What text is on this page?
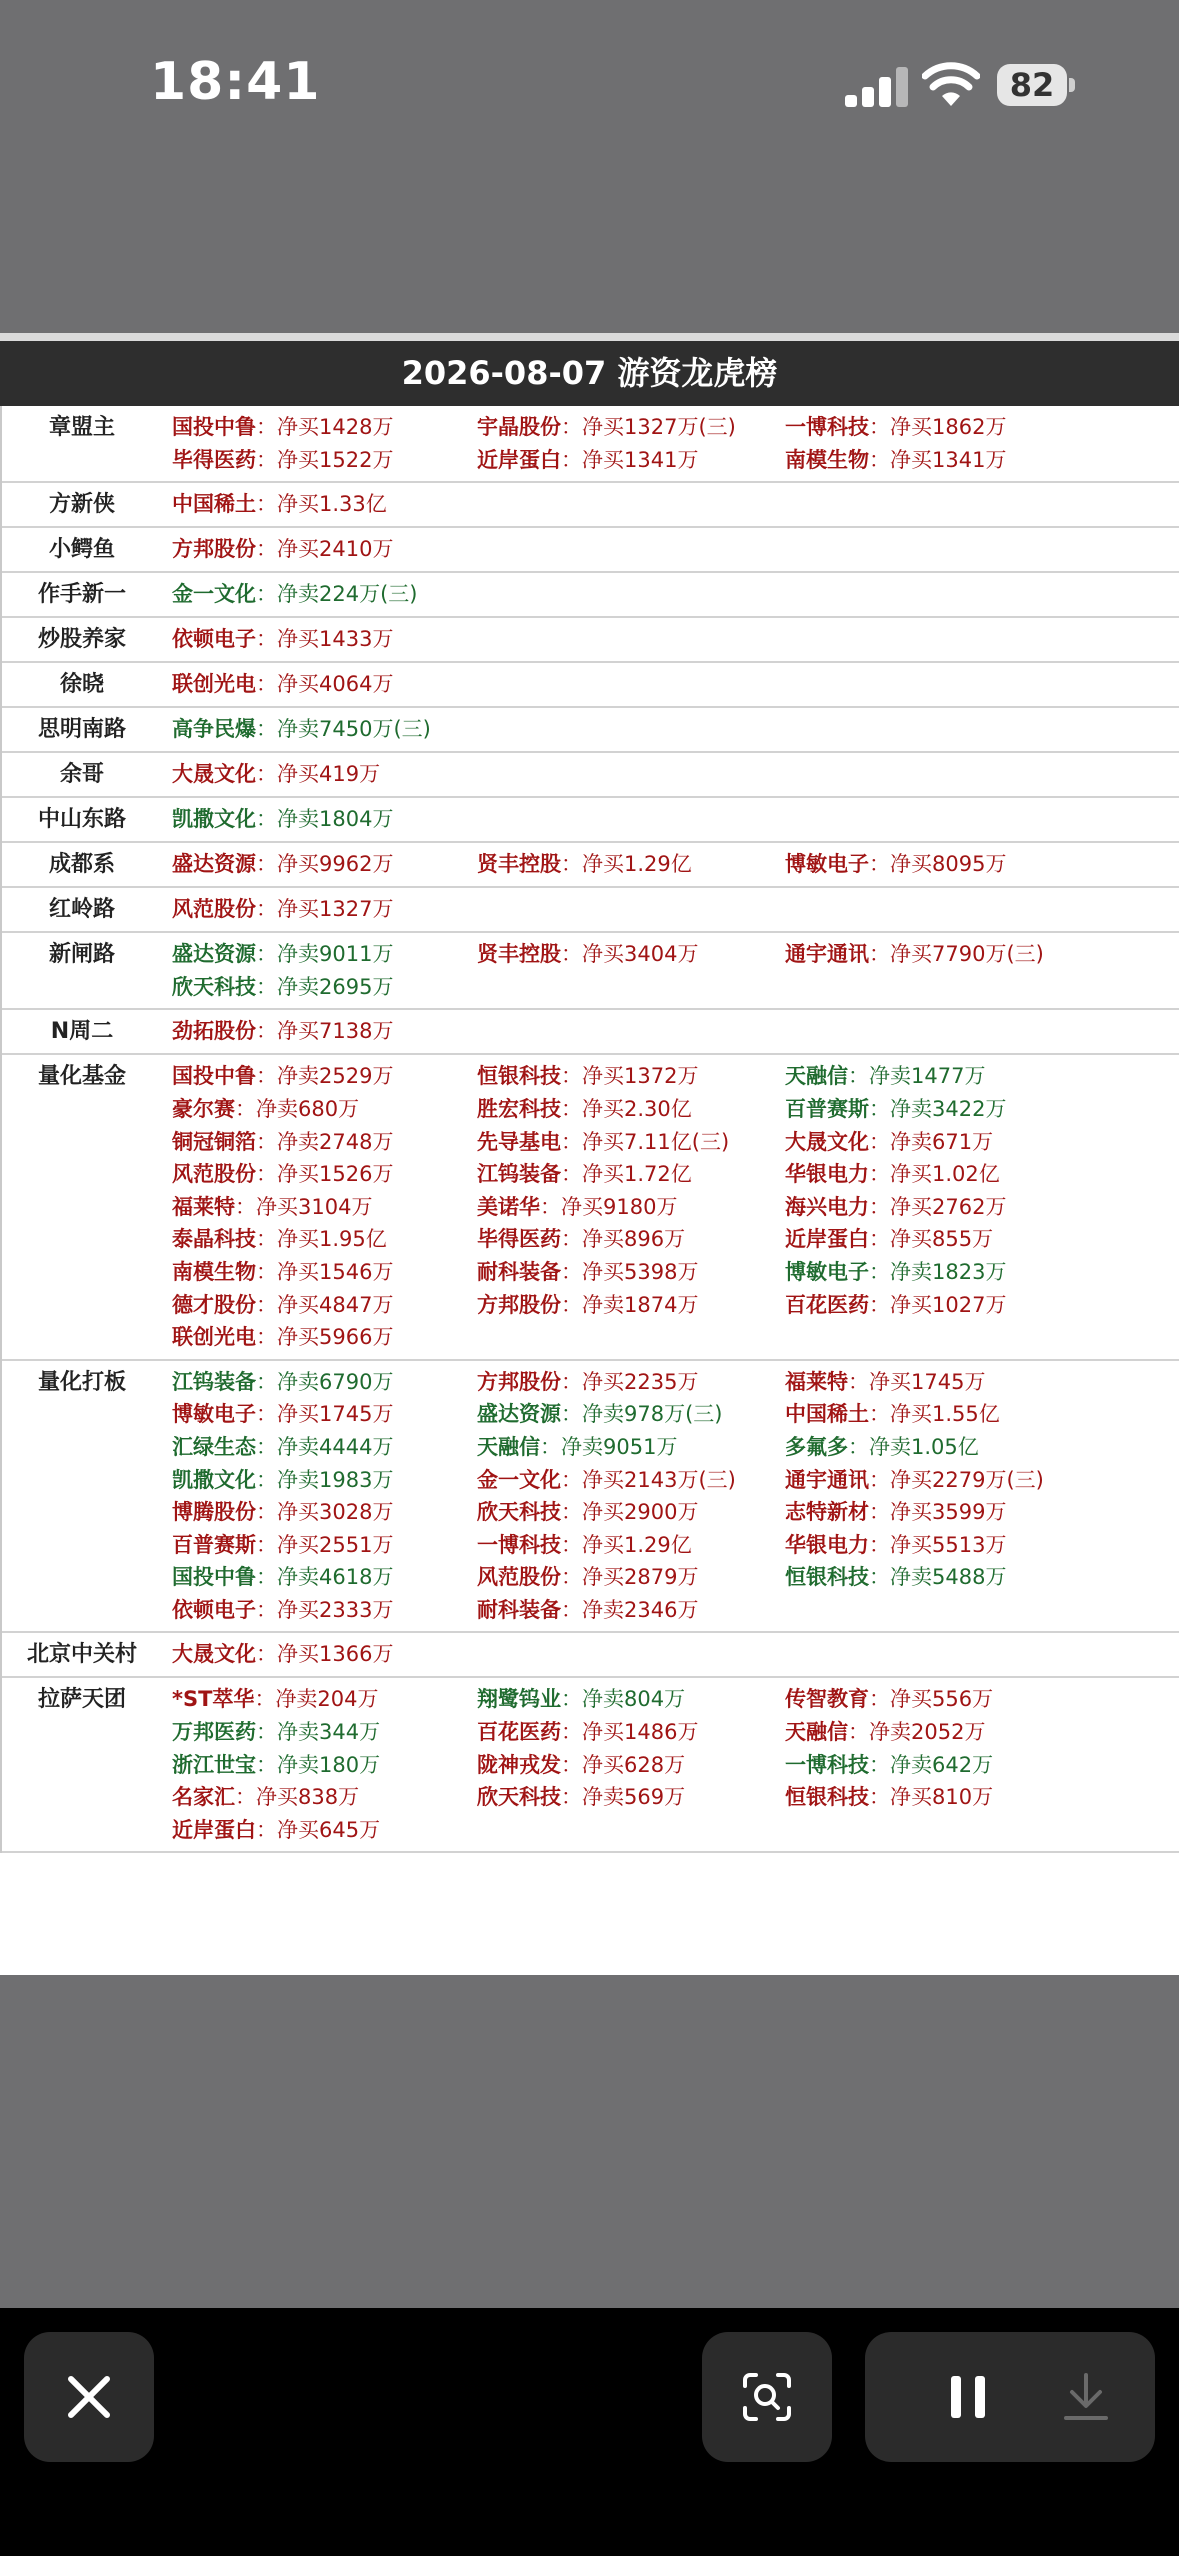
18:41	82
2026-08-07 游资龙虎榜
章盟主	国投中鲁：净买1428万	宇晶股份：净买1327万(三)	一博科技：净买1862万
毕得医药：净买1522万	近岸蛋白：净买1341万	南模生物：净买1341万
方新侠	中国稀土：净买1.33亿
小鳄鱼	方邦股份：净买2410万
作手新一	金一文化：净卖224万(三)
炒股养家	依顿电子：净买1433万
徐晓	联创光电：净买4064万
思明南路	高争民爆：净卖7450万(三)
余哥	大晟文化：净买419万
中山东路	凯撒文化：净卖1804万
成都系	盛达资源：净买9962万	贤丰控股：净买1.29亿	博敏电子：净买8095万
红岭路	风范股份：净买1327万
新闸路	盛达资源：净卖9011万	贤丰控股：净买3404万	通宇通讯：净买7790万(三)
欣天科技：净卖2695万
N周二	劲拓股份：净买7138万
量化基金	国投中鲁：净卖2529万	恒银科技：净买1372万	天融信：净卖1477万
豪尔赛：净卖680万	胜宏科技：净买2.30亿	百普赛斯：净卖3422万
铜冠铜箔：净卖2748万	先导基电：净买7.11亿(三)	大晟文化：净卖671万
风范股份：净买1526万	江钨装备：净买1.72亿	华银电力：净买1.02亿
福莱特：净买3104万	美诺华：净买9180万	海兴电力：净买2762万
泰晶科技：净买1.95亿	毕得医药：净买896万	近岸蛋白：净买855万
南模生物：净买1546万	耐科装备：净买5398万	博敏电子：净卖1823万
德才股份：净买4847万	方邦股份：净卖1874万	百花医药：净买1027万
联创光电：净买5966万
量化打板	江钨装备：净卖6790万	方邦股份：净买2235万	福莱特：净买1745万
博敏电子：净买1745万	盛达资源：净卖978万(三)	中国稀土：净买1.55亿
汇绿生态：净卖4444万	天融信：净卖9051万	多氟多：净卖1.05亿
凯撒文化：净卖1983万	金一文化：净买2143万(三)	通宇通讯：净买2279万(三)
博腾股份：净买3028万	欣天科技：净买2900万	志特新材：净买3599万
百普赛斯：净买2551万	一博科技：净买1.29亿	华银电力：净买5513万
国投中鲁：净卖4618万	风范股份：净买2879万	恒银科技：净卖5488万
依顿电子：净买2333万	耐科装备：净卖2346万
北京中关村	大晟文化：净买1366万
拉萨天团	*ST萃华：净卖204万	翔鹭钨业：净卖804万	传智教育：净买556万
万邦医药：净卖344万	百花医药：净买1486万	天融信：净卖2052万
浙江世宝：净卖180万	陇神戎发：净买628万	一博科技：净卖642万
名家汇：净买838万	欣天科技：净卖569万	恒银科技：净买810万
近岸蛋白：净买645万
